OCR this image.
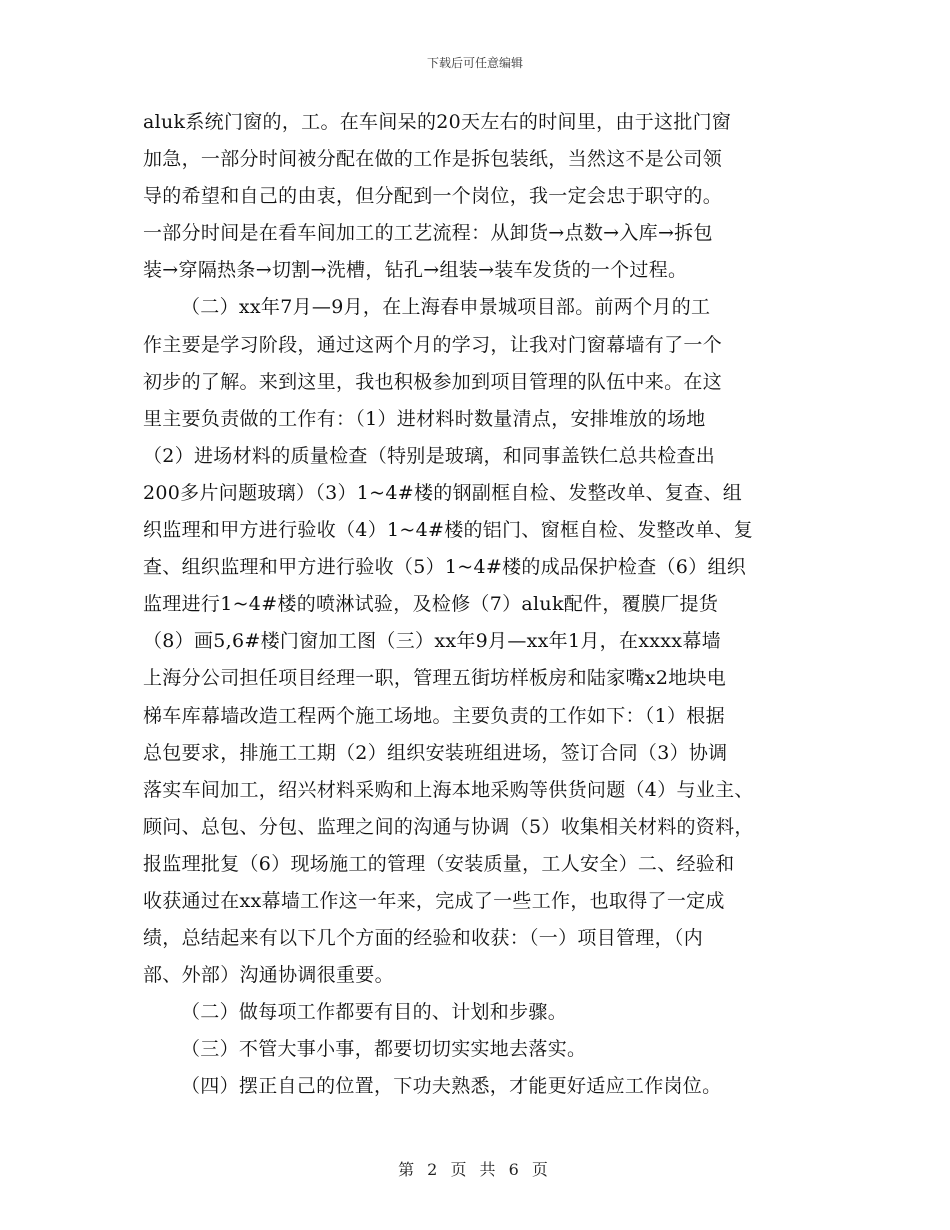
下载后可任意编辑
aluk系统门窗的，工。在车间呆的20天左右的时间里，由于这批门窗
加急，一部分时间被分配在做的工作是拆包装纸，当然这不是公司领
导的希望和自己的由衷，但分配到一个岗位，我一定会忠于职守的。
一部分时间是在看车间加工的工艺流程：从卸货→点数→入库→拆包
装→穿隔热条→切割→洗槽，钻孔→组装→装车发货的一个过程。
（二）xx年7月—9月，在上海春申景城项目部。前两个月的工
作主要是学习阶段，通过这两个月的学习，让我对门窗幕墙有了一个
初步的了解。来到这里，我也积极参加到项目管理的队伍中来。在这
里主要负责做的工作有：（1）进材料时数量清点，安排堆放的场地
（2）进场材料的质量检查（特别是玻璃，和同事盖铁仁总共检查出
200多片问题玻璃）（3）1~4#楼的钢副框自检、发整改单、复查、组
织监理和甲方进行验收（4）1~4#楼的铝门、窗框自检、发整改单、复
查、组织监理和甲方进行验收（5）1~4#楼的成品保护检查（6）组织
监理进行1~4#楼的喷淋试验，及检修（7）aluk配件，覆膜厂提货
（8）画5,6#楼门窗加工图（三）xx年9月—xx年1月，在xxxx幕墙
上海分公司担任项目经理一职，管理五街坊样板房和陆家嘴x2地块电
梯车库幕墙改造工程两个施工场地。主要负责的工作如下：（1）根据
总包要求，排施工工期（2）组织安装班组进场，签订合同（3）协调
落实车间加工，绍兴材料采购和上海本地采购等供货问题（4）与业主、
顾问、总包、分包、监理之间的沟通与协调（5）收集相关材料的资料，
报监理批复（6）现场施工的管理（安装质量，工人安全）二、经验和
收获通过在xx幕墙工作这一年来，完成了一些工作，也取得了一定成
绩，总结起来有以下几个方面的经验和收获：（一）项目管理，（内
部、外部）沟通协调很重要。
（二）做每项工作都要有目的、计划和步骤。
（三）不管大事小事，都要切切实实地去落实。
（四）摆正自己的位置，下功夫熟悉，才能更好适应工作岗位。
第 2 页 共 6 页
